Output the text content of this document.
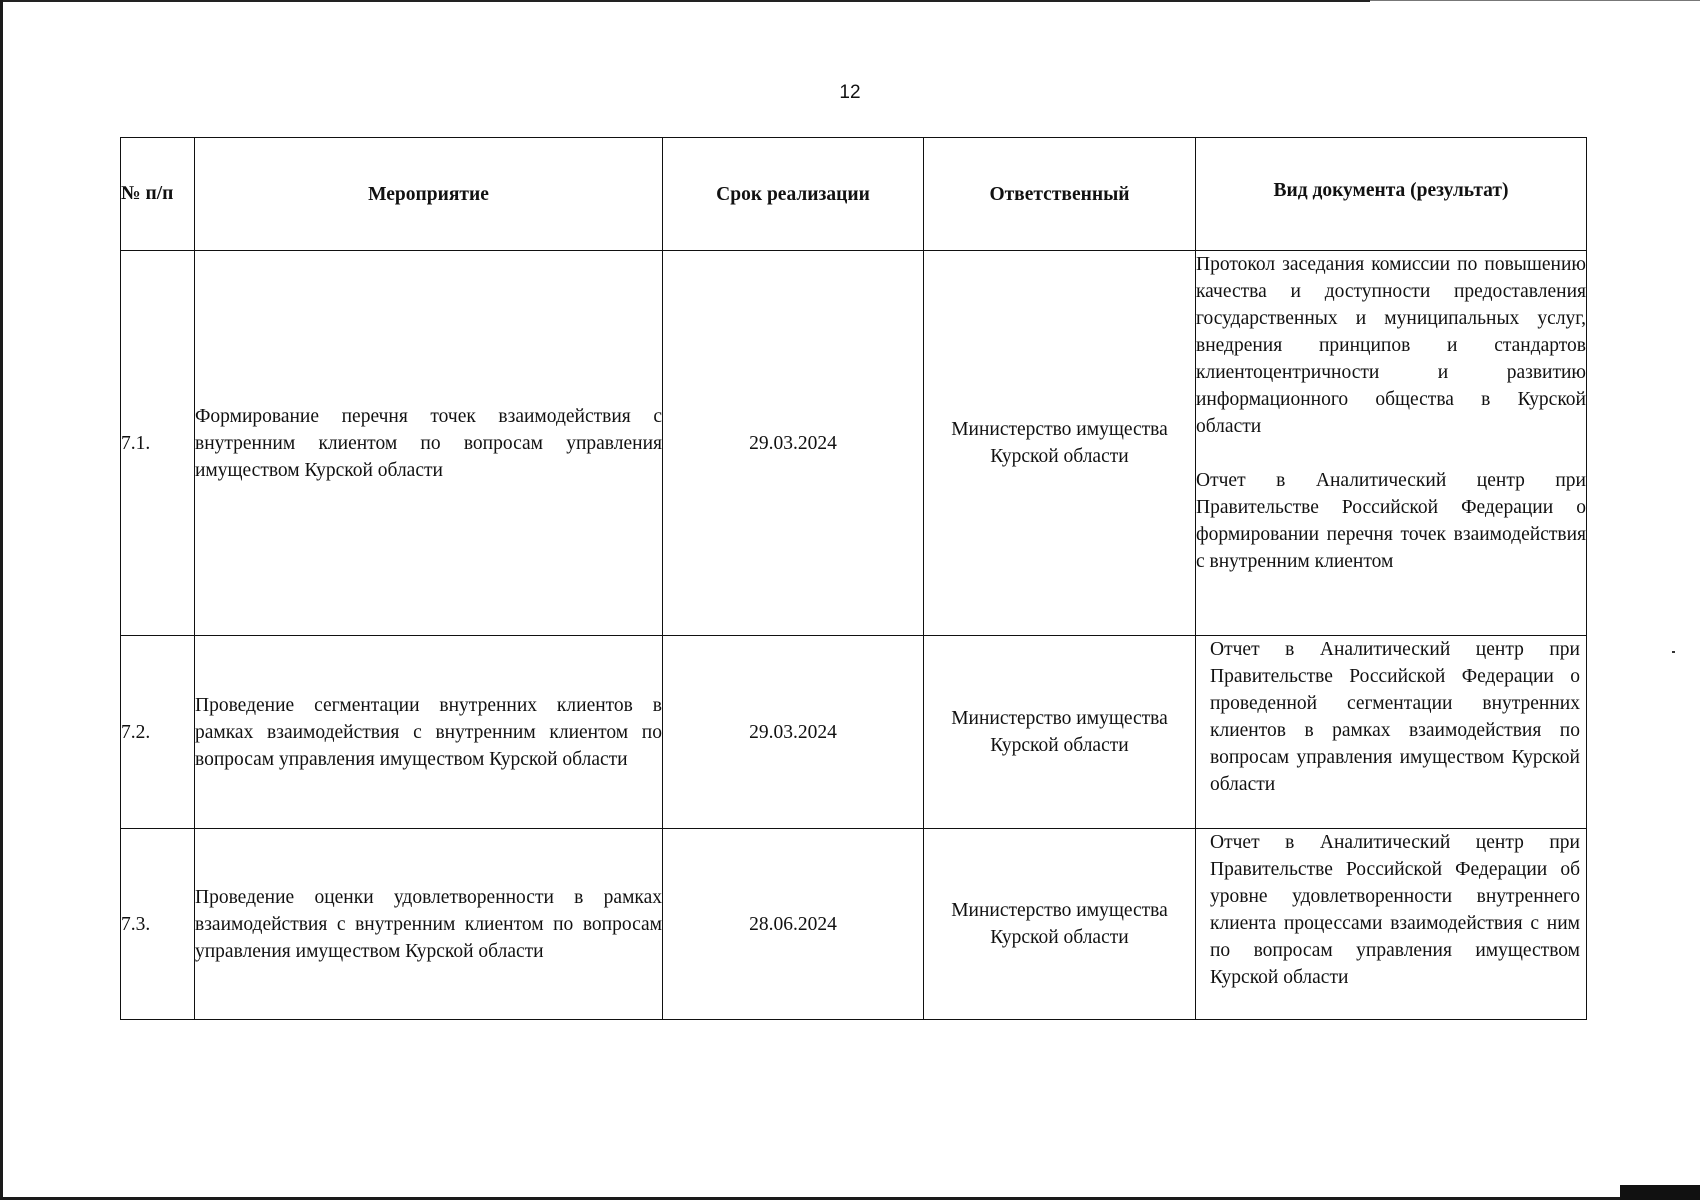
12
№ п/п	Мероприятие	Срок реализации	Ответственный	Вид документа (результат)

7.1.	Формирование перечня точек взаимодействия с внутренним клиентом по вопросам управления имуществом Курской области	29.03.2024	Министерство имущества Курской области	Протокол заседания комиссии по повышению качества и доступности предоставления государственных и муниципальных услуг, внедрения принципов и стандартов клиентоцентричности и развитию информационного общества в Курской области

Отчет в Аналитический центр при Правительстве Российской Федерации о формировании перечня точек взаимодействия с внутренним клиентом

7.2.	Проведение сегментации внутренних клиентов в рамках взаимодействия с внутренним клиентом по вопросам управления имуществом Курской области	29.03.2024	Министерство имущества Курской области	Отчет в Аналитический центр при Правительстве Российской Федерации о проведенной сегментации внутренних клиентов в рамках взаимодействия по вопросам управления имуществом Курской области

7.3.	Проведение оценки удовлетворенности в рамках взаимодействия с внутренним клиентом по вопросам управления имуществом Курской области	28.06.2024	Министерство имущества Курской области	Отчет в Аналитический центр при Правительстве Российской Федерации об уровне удовлетворенности внутреннего клиента процессами взаимодействия с ним по вопросам управления имуществом Курской области
